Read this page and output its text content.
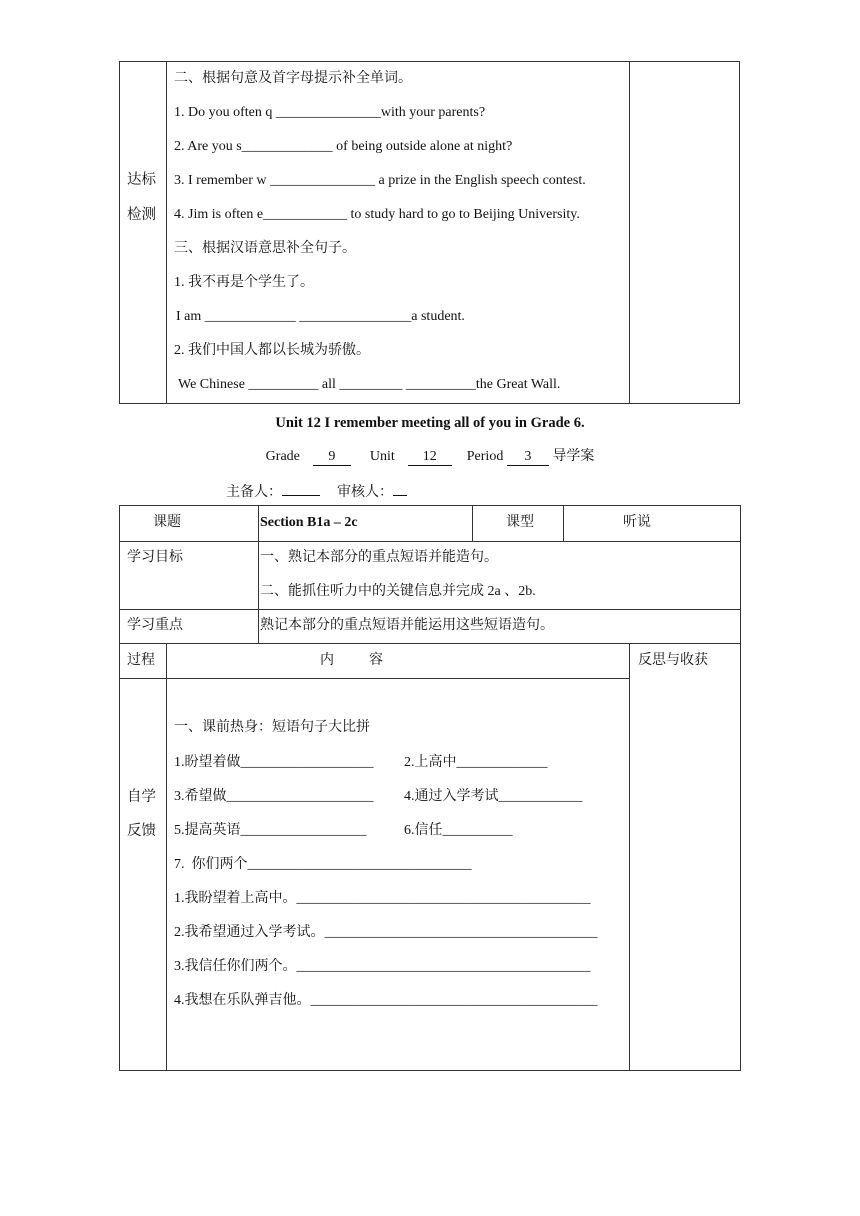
达标
检测
二、根据句意及首字母提示补全单词。
1. Do you often q _______________with your parents?
2. Are you s_____________ of being outside alone at night?
3. I remember w _______________ a prize in the English speech contest.
4. Jim is often e____________ to study hard to go to Beijing University.
三、根据汉语意思补全句子。
1. 我不再是个学生了。
I am _____________ ________________a student.
2. 我们中国人都以长城为骄傲。
We Chinese __________ all _________ __________the Great Wall.
Unit 12 I remember meeting all of you in Grade 6.
Grade 9 Unit 12 Period 3 导学案
主备人：	审核人：
课题	Section B1a – 2c	课型	听说
学习目标	一、熟记本部分的重点短语并能造句。
二、能抓住听力中的关键信息并完成 2a 、2b.
学习重点	熟记本部分的重点短语并能运用这些短语造句。
过程	内          容	反思与收获
自学
反馈
一、课前热身：短语句子大比拼
1.盼望着做___________________ 2.上高中_____________
3.希望做_____________________ 4.通过入学考试____________
5.提高英语__________________	6.信任__________
7.  你们两个________________________________
1.我盼望着上高中。__________________________________________
2.我希望通过入学考试。_______________________________________
3.我信任你们两个。__________________________________________
4.我想在乐队弹吉他。_________________________________________
